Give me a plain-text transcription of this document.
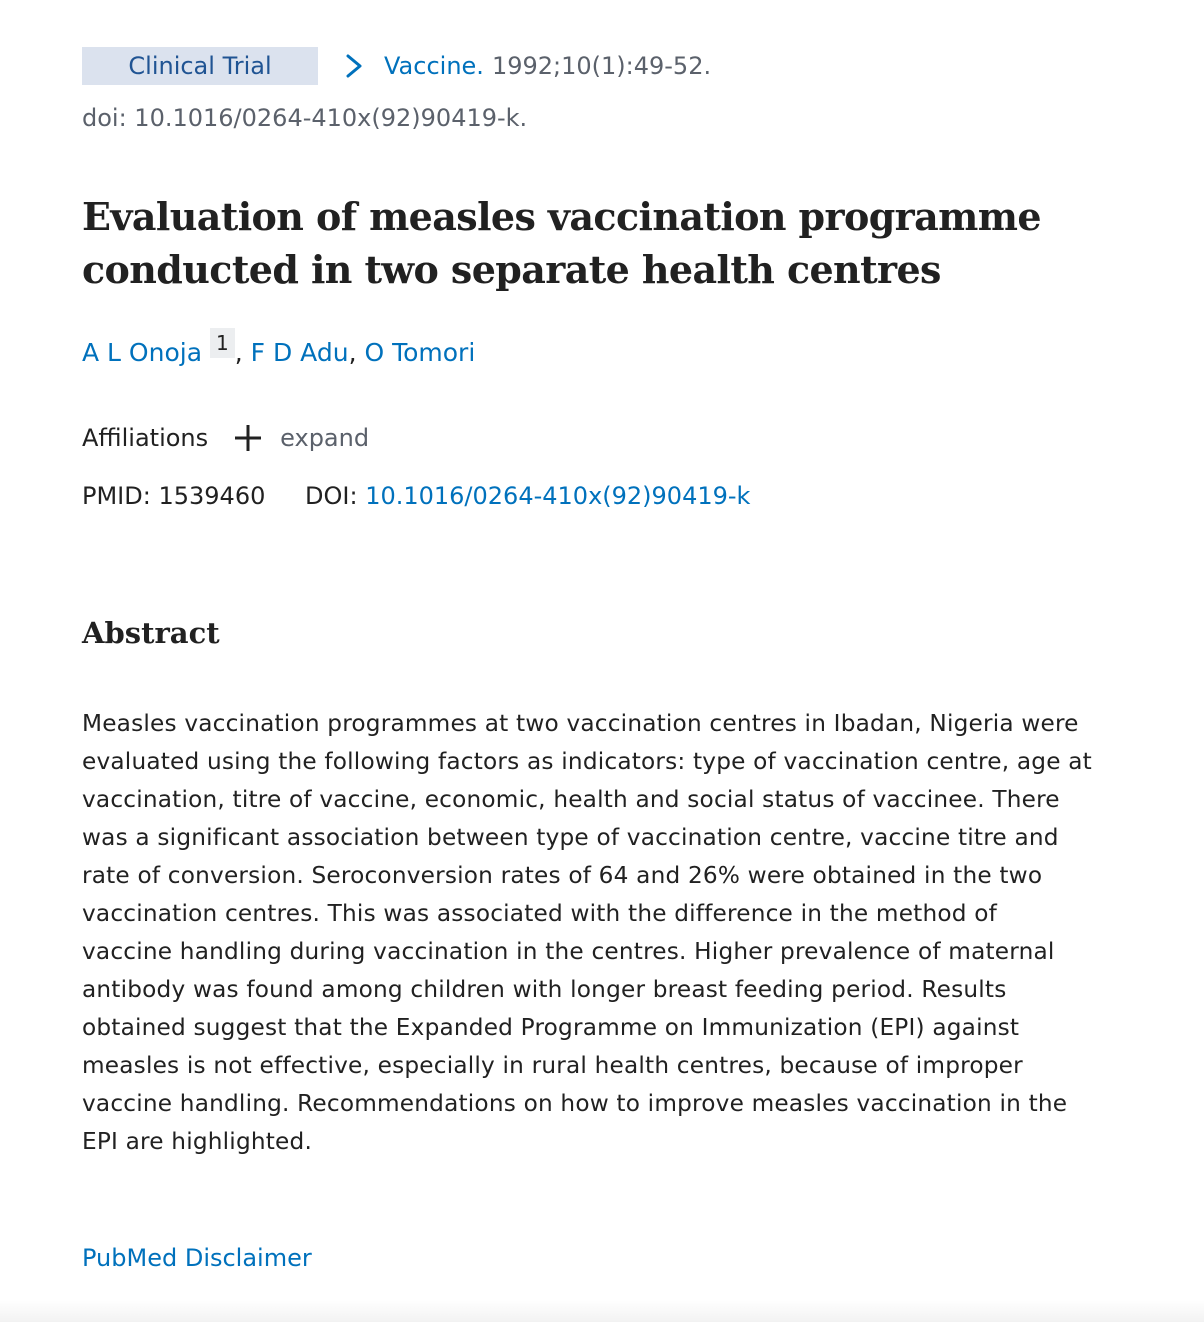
Clinical Trial	Vaccine. 1992;10(1):49-52.
doi: 10.1016/0264-410x(92)90419-k.
Evaluation of measles vaccination programme conducted in two separate health centres
A L Onoja 1 , F D Adu , O Tomori
Affiliations	expand
PMID: 1539460 DOI: 10.1016/0264-410x(92)90419-k
Abstract

Measles vaccination programmes at two vaccination centres in Ibadan, Nigeria were evaluated using the following factors as indicators: type of vaccination centre, age at vaccination, titre of vaccine, economic, health and social status of vaccinee. There was a significant association between type of vaccination centre, vaccine titre and rate of conversion. Seroconversion rates of 64 and 26% were obtained in the two vaccination centres. This was associated with the difference in the method of vaccine handling during vaccination in the centres. Higher prevalence of maternal antibody was found among children with longer breast feeding period. Results obtained suggest that the Expanded Programme on Immunization (EPI) against measles is not effective, especially in rural health centres, because of improper vaccine handling. Recommendations on how to improve measles vaccination in the EPI are highlighted.

PubMed Disclaimer
